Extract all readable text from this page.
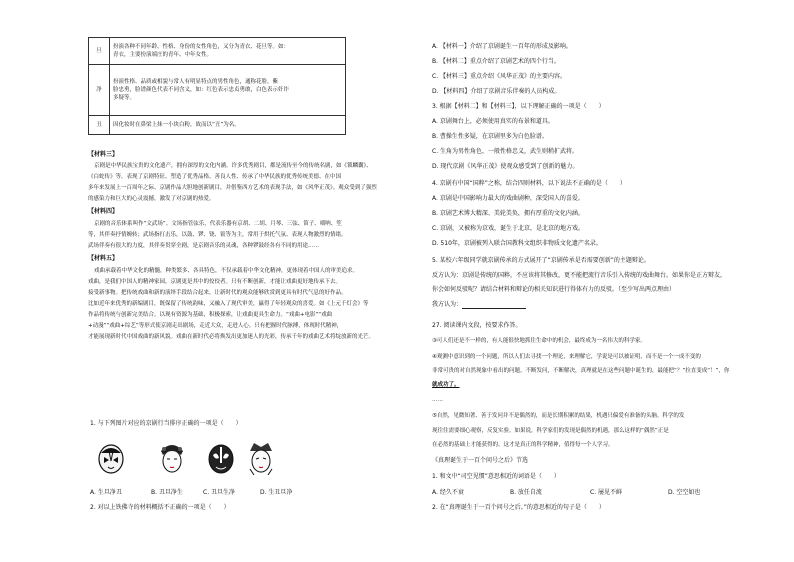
旦	扮演各种不同年龄、性格、身份的女性角色，又分为青衣、花旦等。如：
青衣，主要扮演端庄的青年、中年女性。

净	扮演性格、品质或相貌与常人有明显特点的男性角色，通称花脸。紫
脸忠勇，脸谱颜色代表不同含义，如：红色表示忠贞勇敢，白色表示奸诈
多疑等。

丑	因化妆时在鼻梁上抹一小块白粉，故而以“丑”为名。
【材料三】
京剧是中华民族宝贵的文化遗产，拥有深厚的文化内涵。许多优秀剧目，都是流传至今的传统名剧，如《锁麟囊》、
《白蛇传》等。表现了京剧特征、塑造了优秀品格、善良人性、传承了中华民族的优秀传统美德、在中国
多年来发展上一百周年之际、京剧作品大胆地创新剧目，并借鉴西方艺术的表现手法，如《风华正茂》。观众受到了强烈
的感染力和巨大的心灵震撼，激发了对京剧的热爱。
【材料四】
京剧的音乐体系叫作“文武场”。文场指管弦乐，代表乐器有京胡、二胡、月琴、三弦、笛子、唢呐、笙
等，其伴奏抒情婉转；武场指打击乐，以鼓、锣、铙、钹等为主，常用于烘托气氛、表现人物激烈的情绪。
武场伴奏有很大的力度，其伴奏贯穿全剧，是京剧音乐的灵魂，各种锣鼓经各有不同的用途……
【材料五】
戏曲承载着中华文化的精髓，种类繁多、各具特色，不仅承载着中华文化精神，更体现着中国人的审美追求。
戏曲，是我们中国人的精神家园，京剧更是其中的佼佼者。只有不断创新，才能让戏曲更好地传承下去。
接受新事物。把传统戏曲和新的演绎手段结合起来，让新时代的观众能够欣赏到更具有时代气息的好作品。
比如近年来优秀的新编剧目，既保留了传统韵味，又融入了现代审美，赢得了年轻观众的喜爱。如《上元千灯会》等
作品将传统与创新完美结合。以现有资源为基础，积极探索，让戏曲更具生命力。“戏曲+电影”“戏曲
+动漫”“戏曲+综艺”等形式使京剧走出剧场，走近大众，走进人心。只有把握时代脉搏，体现时代精神，
才能展现新时代中国戏曲的新风貌。戏曲在新时代必将焕发出更加迷人的光彩，传承千年的戏曲艺术将绽放新的光芒。
1. 与下列图片对应的京剧行当排序正确的一项是（　　）
A. 生旦净丑	B. 丑旦净生	C. 丑旦生净	D. 生丑旦净
2. 对以上铁佛寺的材料概括不正确的一项是（　　）
A. 【材料一】介绍了京剧诞生一百年的形成及影响。
B. 【材料二】重点介绍了京剧艺术的四个行当。
C. 【材料三】重点介绍《风华正茂》的主要内容。
D. 【材料四】介绍了京剧音乐伴奏的人员构成。
3. 根据【材料二】和【材料三】，以下理解正确的一项是（　　）
A. 京剧舞台上，必须使用真实的布景和道具。
B. 曹操生性多疑，在京剧里多为白色脸谱。
C. 生角为男性角色，一般性格忠义，武生则稍扩武将。
D. 现代京剧《风华正茂》使观众感受到了创新的魅力。
4. 京剧有中国“国粹”之称，结合四则材料，以下说法不正确的是（　　）
A. 京剧是中国影响力最大的戏曲剧种，深受国人的喜爱。
B. 京剧艺术博大精深、美轮美奂，拥有厚重的文化内涵。
C. 京剧，又被称为京戏，诞生于北京，是北京的地方戏。
D. 510年，京剧被列入联合国教科文组织非物质文化遗产名录。
5. 某校六年级同学就京剧传承的方式展开了“京剧传承是否需要创新”的主题辩论。
反方认为：京剧是传统的国粹，不应该将其修改，更不能把流行音乐引入传统的戏曲舞台。如果你是正方辩友，
你会如何反驳呢？请结合材料和辩论的相关知识进行得体有力的反驳。（至少写出两点理由）
我方认为：
27. 阅读课内文段，按要求作答。
③可人们还是不一样的，有人能很快地抓住生命中的机会，最终成为一名伟大的科学家。
④观测中意识到的一个问题，所以人们去寻找一个理论，来理解它，学说是可以被证明，而不是一个一成不变的
非常可贵的对自然现象中看出的问题。不断发问，不断解决，真理就是在这些问题中诞生的，最能把“？”拉直变成“！”，你
就成功了。
……
⑤自然，见微知著、善于发问并不是偶然的，而是长期积累的结果，机遇只偏爱有准备的头脑。科学的发
现往往需要细心观察，反复实验。如果说，科学家们的发现是偶然的机遇，那么这样的“偶然”正是
在必然的基础上才能获得的。这才是真正的科学精神，值得每一个人学习。
《真理诞生于一百个问号之后》节选
1. 和文中“司空见惯”意思相近的词语是（　　）
A. 经久不衰	B. 放任自流	C. 屡见不鲜	D. 空空如也
2. 在“真理诞生于一百个问号之后。”的意思相近的句子是（　　）
